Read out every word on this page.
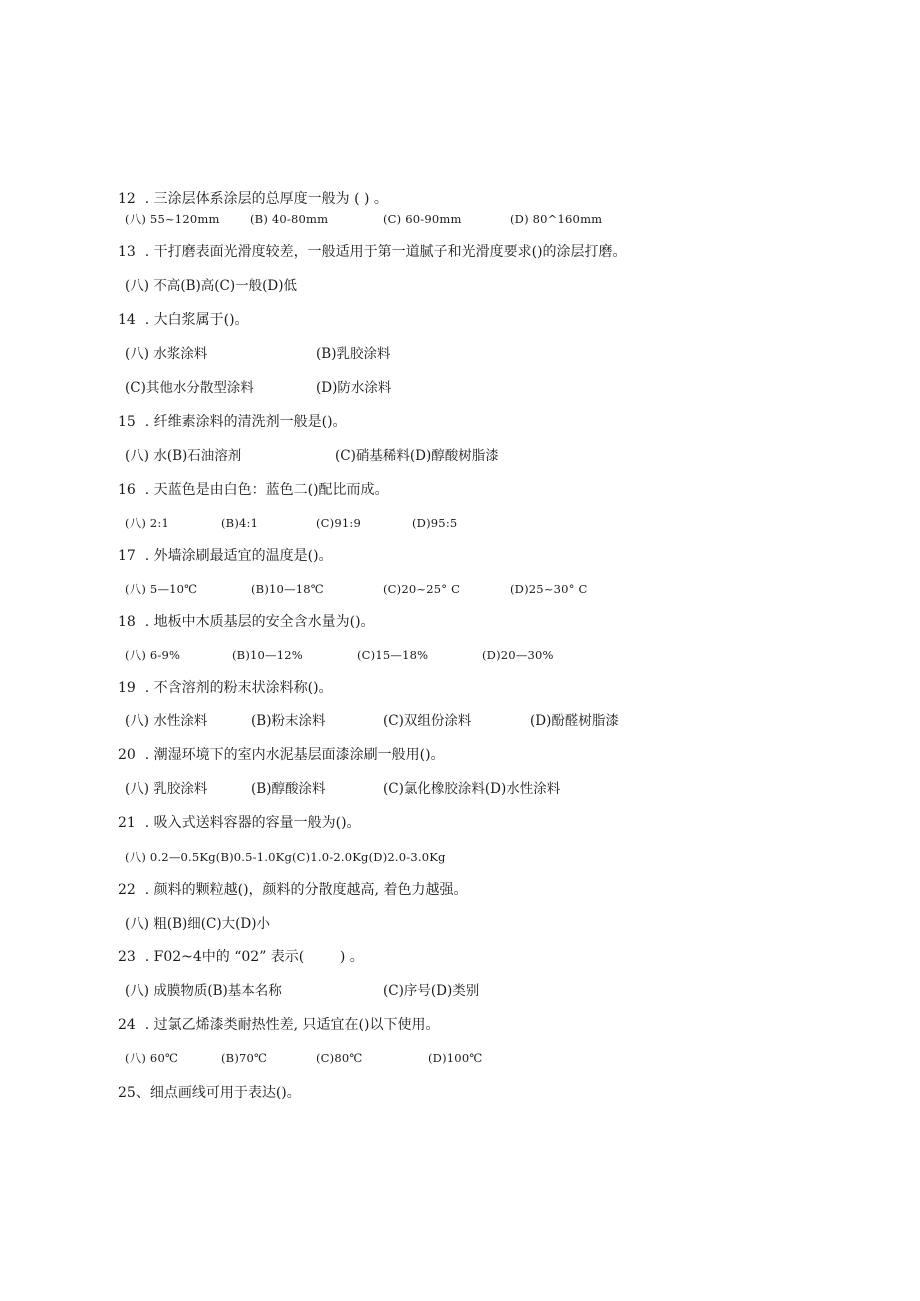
12  . 三涂层体系涂层的总厚度一般为 ( ) 。
(八) 55~120mm	(B) 40-80mm	(C) 60-90mm	(D) 80^160mm
13  . 干打磨表面光滑度较差，一般适用于第一道腻子和光滑度要求()的涂层打磨。
(八) 不高(B)高(C)一般(D)低
14  . 大白浆属于()。
(八) 水浆涂料	(B)乳胶涂料
(C)其他水分散型涂料	(D)防水涂料
15  . 纤维素涂料的清洗剂一般是()。
(八) 水(B)石油溶剂	(C)硝基稀料(D)醇酸树脂漆
16  . 天蓝色是由白色：蓝色二()配比而成。
(八) 2:1	(B)4:1	(C)91:9	(D)95:5
17  . 外墙涂刷最适宜的温度是()。
(八) 5—10℃	(B)10—18℃	(C)20~25° C	(D)25~30° C
18  . 地板中木质基层的安全含水量为()。
(八) 6-9%	(B)10—12%	(C)15—18%	(D)20—30%
19  . 不含溶剂的粉末状涂料称()。
(八) 水性涂料	(B)粉末涂料	(C)双组份涂料	(D)酚醛树脂漆
20  . 潮湿环境下的室内水泥基层面漆涂刷一般用()。
(八) 乳胶涂料	(B)醇酸涂料	(C)氯化橡胶涂料(D)水性涂料
21  . 吸入式送料容器的容量一般为()。
(八) 0.2—0.5Kg(B)0.5-1.0Kg(C)1.0-2.0Kg(D)2.0-3.0Kg
22  . 颜料的颗粒越()，颜料的分散度越高, 着色力越强。
(八) 粗(B)细(C)大(D)小
23  . F02~4中的 “02” 表示(        ) 。
(八) 成膜物质(B)基本名称	(C)序号(D)类别
24  . 过氯乙烯漆类耐热性差, 只适宜在()以下使用。
(八) 60℃	(B)70℃	(C)80℃	(D)100℃
25、细点画线可用于表达()。
